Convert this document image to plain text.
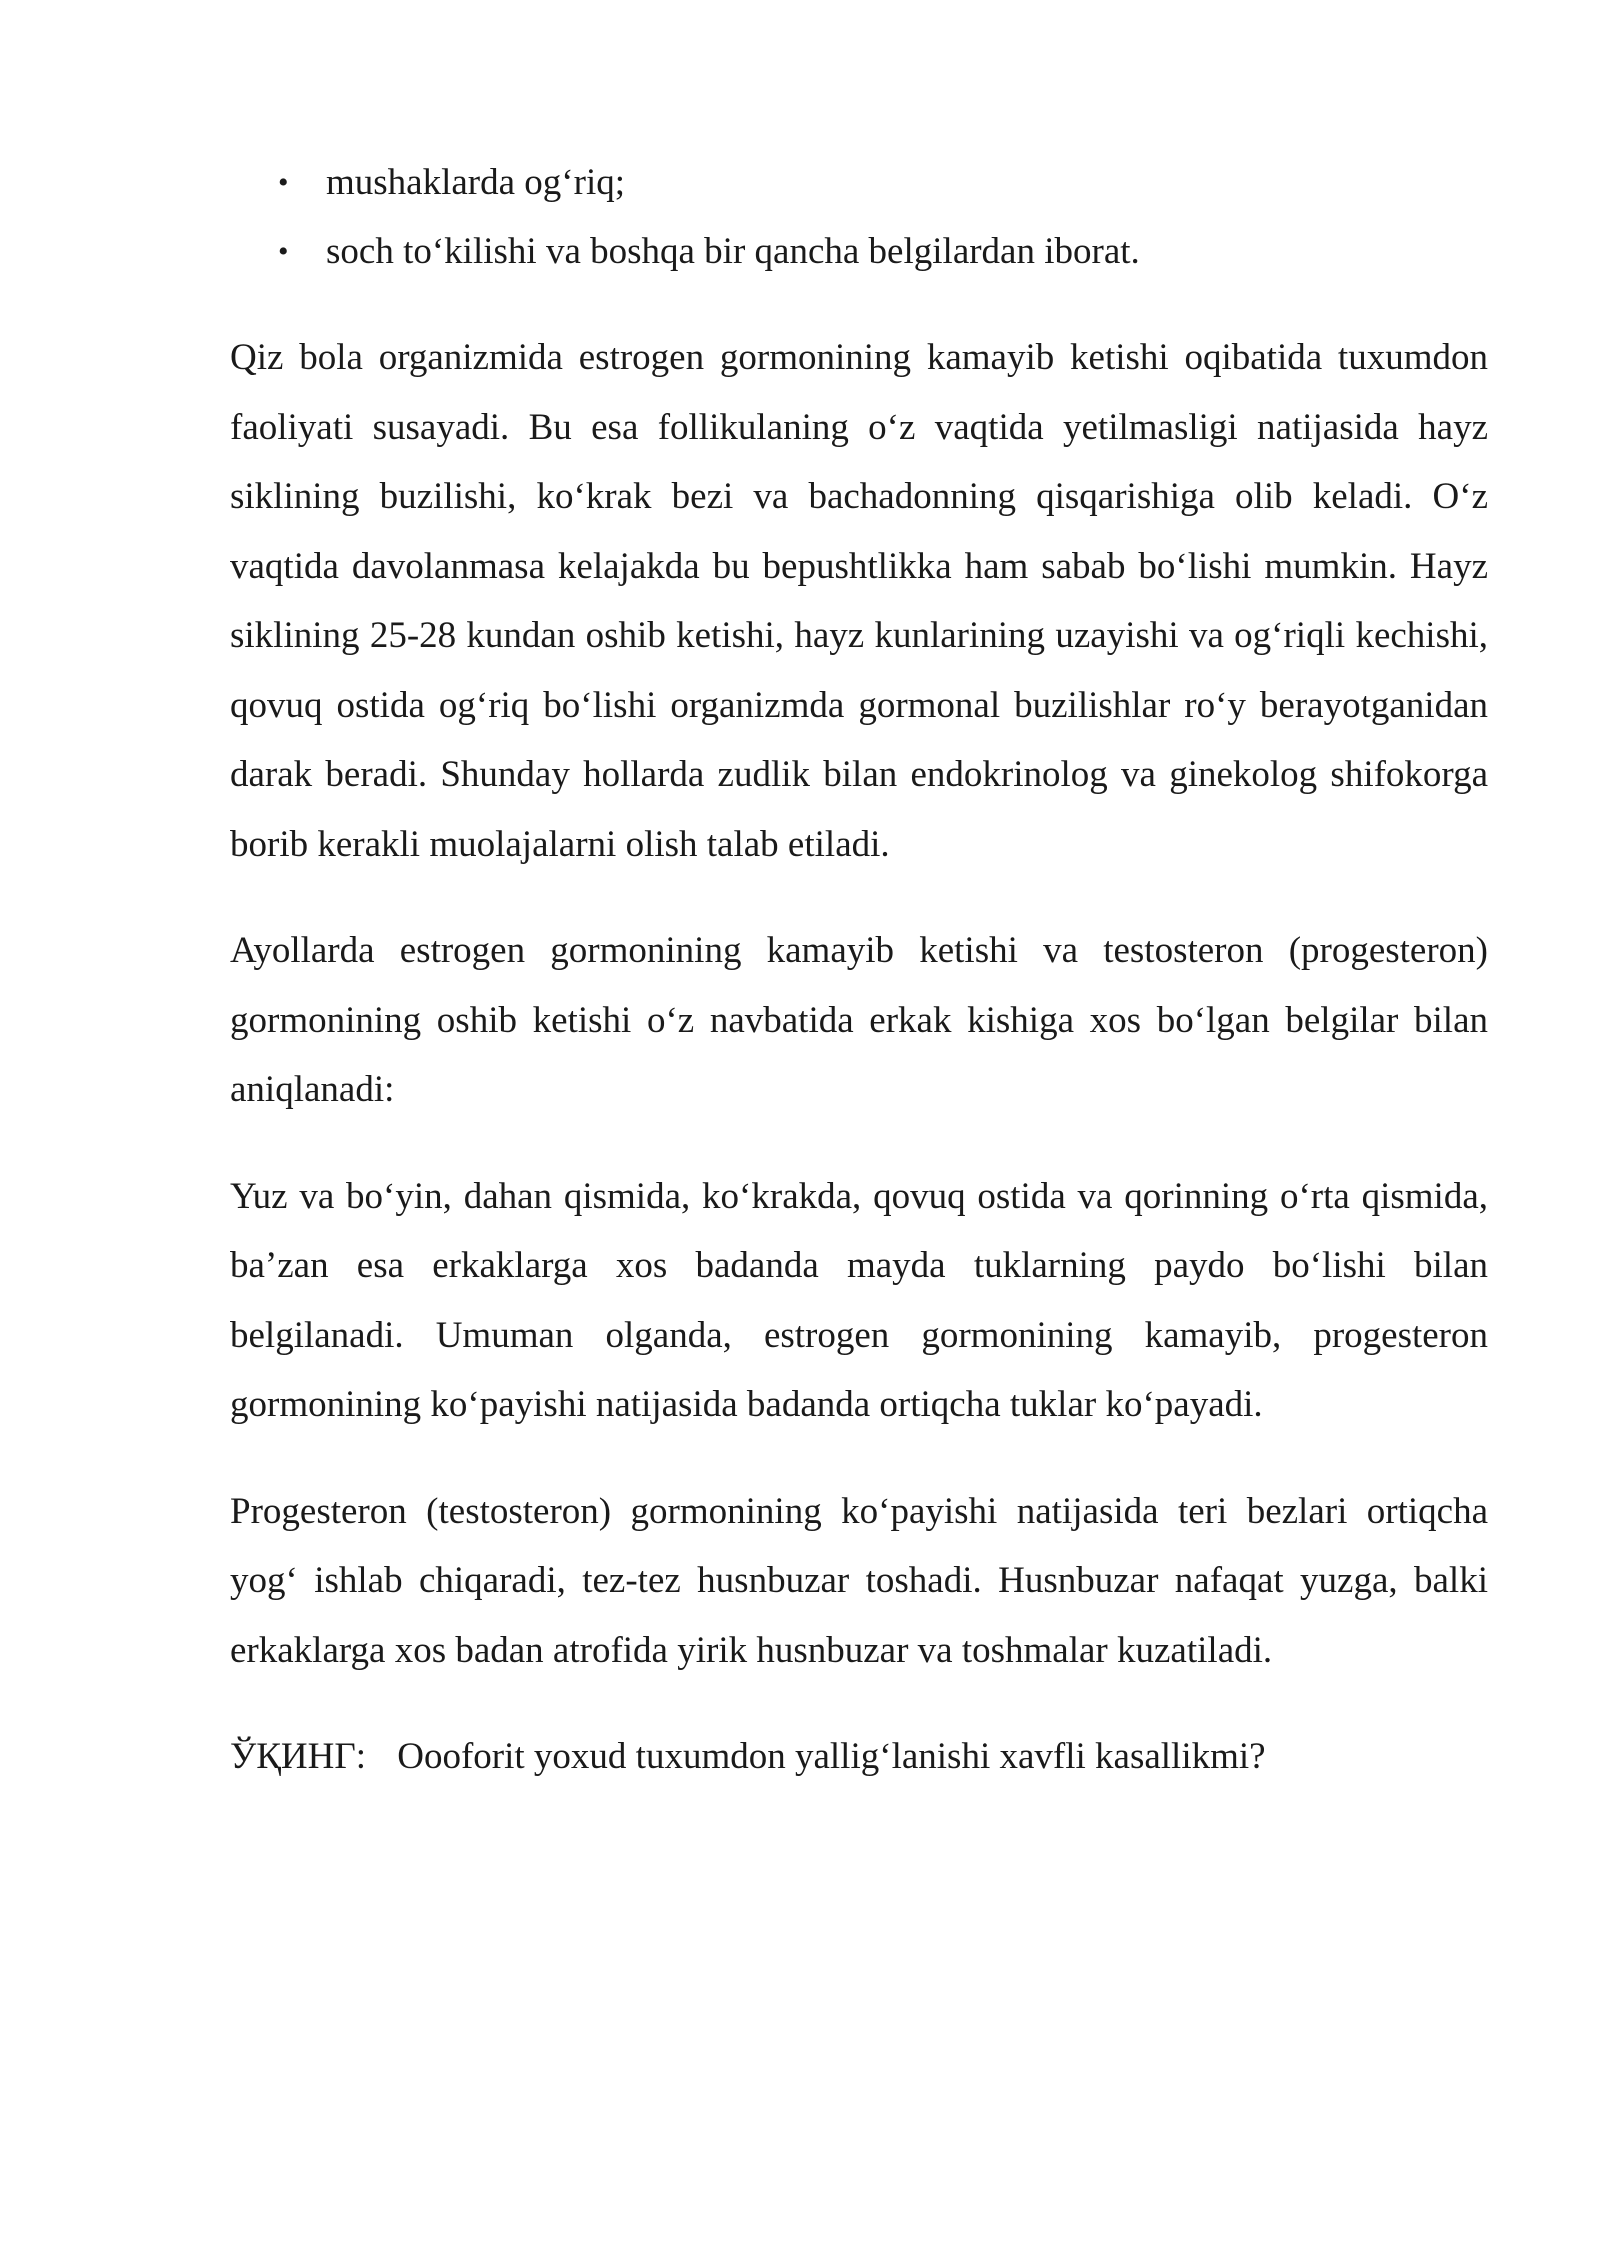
• mushaklarda og‘riq;
• soch to‘kilishi va boshqa bir qancha belgilardan iborat.

Qiz bola organizmida estrogen gormonining kamayib ketishi oqibatida tuxumdon faoliyati susayadi. Bu esa follikulaning o‘z vaqtida yetilmasligi natijasida hayz siklining buzilishi, ko‘krak bezi va bachadonning qisqarishiga olib keladi. O‘z vaqtida davolanmasa kelajakda bu bepushtlikka ham sabab bo‘lishi mumkin. Hayz siklining 25-28 kundan oshib ketishi, hayz kunlarining uzayishi va og‘riqli kechishi, qovuq ostida og‘riq bo‘lishi organizmda gormonal buzilishlar ro‘y berayotganidan darak beradi. Shunday hollarda zudlik bilan endokrinolog va ginekolog shifokorga borib kerakli muolajalarni olish talab etiladi.

Ayollarda estrogen gormonining kamayib ketishi va testosteron (progesteron) gormonining oshib ketishi o‘z navbatida erkak kishiga xos bo‘lgan belgilar bilan aniqlanadi:

Yuz va bo‘yin, dahan qismida, ko‘krakda, qovuq ostida va qorinning o‘rta qismida, ba’zan esa erkaklarga xos badanda mayda tuklarning paydo bo‘lishi bilan belgilanadi. Umuman olganda, estrogen gormonining kamayib, progesteron gormonining ko‘payishi natijasida badanda ortiqcha tuklar ko‘payadi.

Progesteron (testosteron) gormonining ko‘payishi natijasida teri bezlari ortiqcha yog‘ ishlab chiqaradi, tez-tez husnbuzar toshadi. Husnbuzar nafaqat yuzga, balki erkaklarga xos badan atrofida yirik husnbuzar va toshmalar kuzatiladi.

ЎҚИНГ: Oooforit yoxud tuxumdon yallig‘lanishi xavfli kasallikmi?
